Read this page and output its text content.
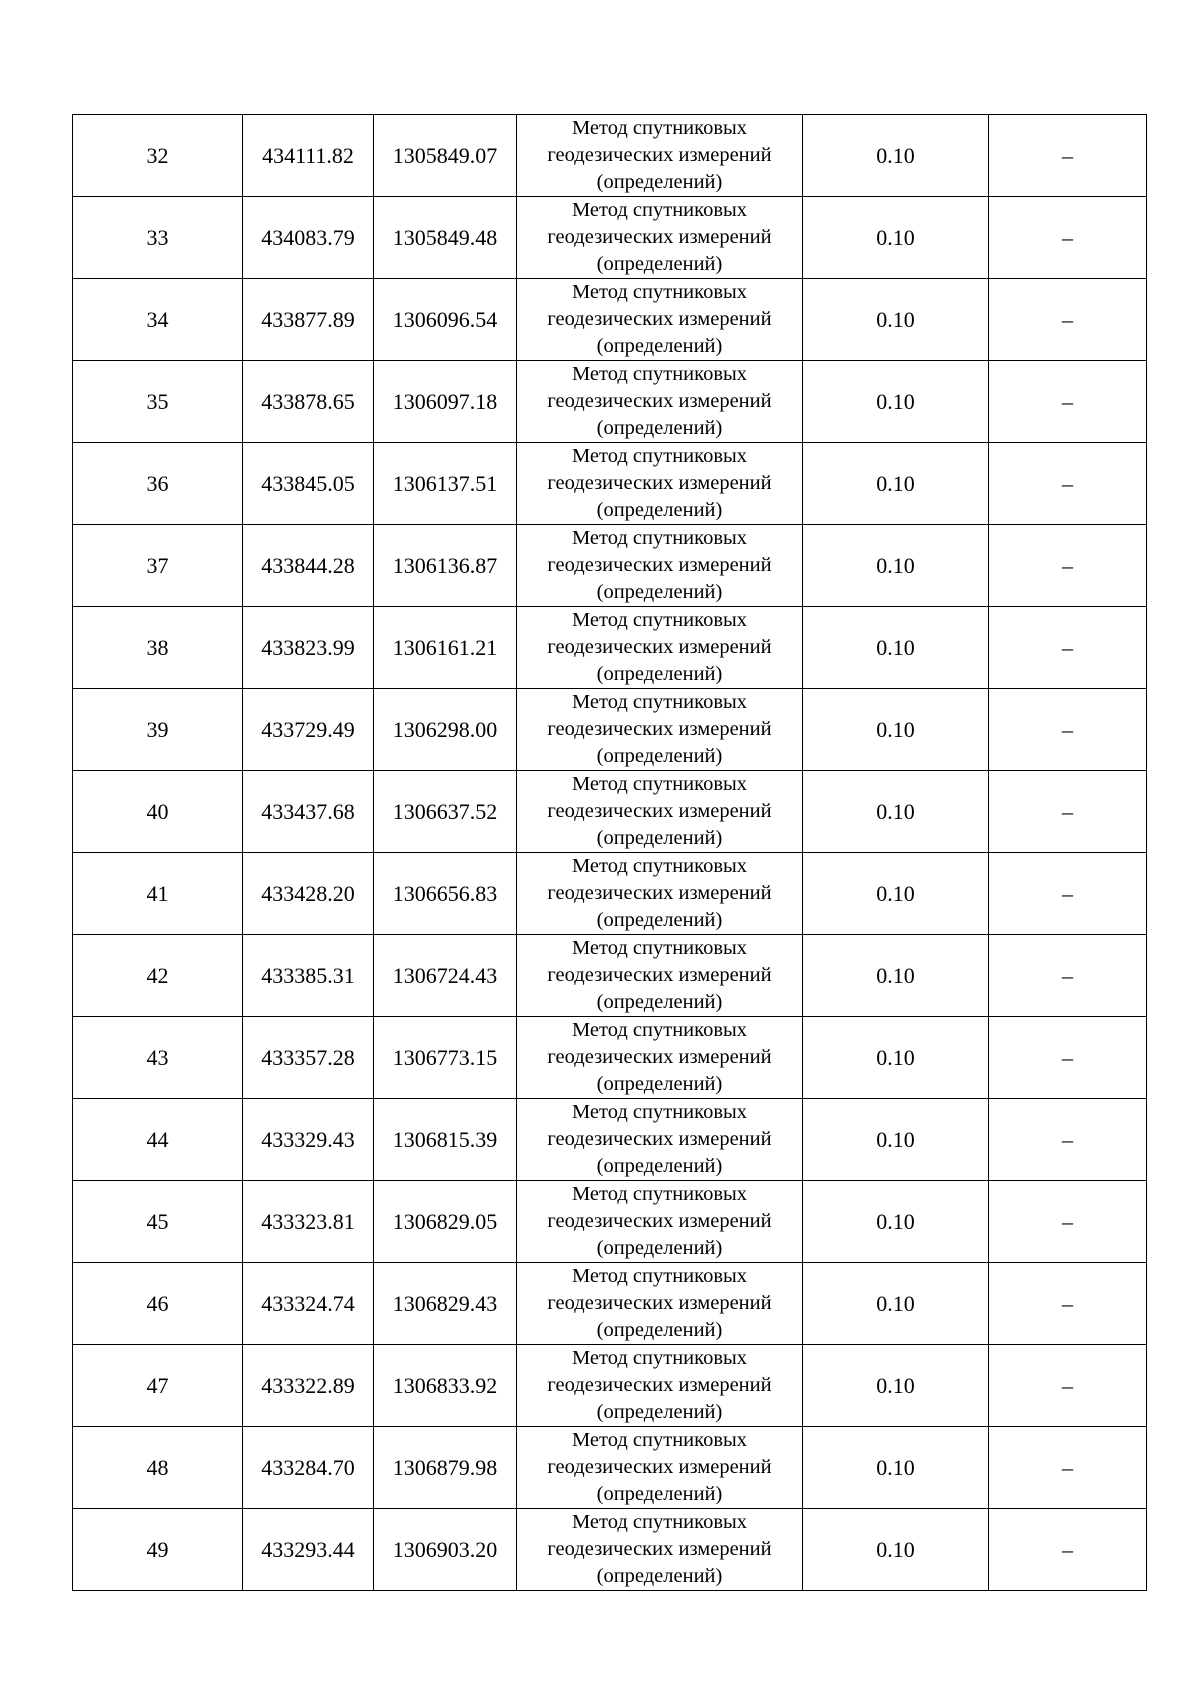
32	434111.82	1305849.07	Метод спутниковых
геодезических измерений
(определений)	0.10	–
33	434083.79	1305849.48	Метод спутниковых
геодезических измерений
(определений)	0.10	–
34	433877.89	1306096.54	Метод спутниковых
геодезических измерений
(определений)	0.10	–
35	433878.65	1306097.18	Метод спутниковых
геодезических измерений
(определений)	0.10	–
36	433845.05	1306137.51	Метод спутниковых
геодезических измерений
(определений)	0.10	–
37	433844.28	1306136.87	Метод спутниковых
геодезических измерений
(определений)	0.10	–
38	433823.99	1306161.21	Метод спутниковых
геодезических измерений
(определений)	0.10	–
39	433729.49	1306298.00	Метод спутниковых
геодезических измерений
(определений)	0.10	–
40	433437.68	1306637.52	Метод спутниковых
геодезических измерений
(определений)	0.10	–
41	433428.20	1306656.83	Метод спутниковых
геодезических измерений
(определений)	0.10	–
42	433385.31	1306724.43	Метод спутниковых
геодезических измерений
(определений)	0.10	–
43	433357.28	1306773.15	Метод спутниковых
геодезических измерений
(определений)	0.10	–
44	433329.43	1306815.39	Метод спутниковых
геодезических измерений
(определений)	0.10	–
45	433323.81	1306829.05	Метод спутниковых
геодезических измерений
(определений)	0.10	–
46	433324.74	1306829.43	Метод спутниковых
геодезических измерений
(определений)	0.10	–
47	433322.89	1306833.92	Метод спутниковых
геодезических измерений
(определений)	0.10	–
48	433284.70	1306879.98	Метод спутниковых
геодезических измерений
(определений)	0.10	–
49	433293.44	1306903.20	Метод спутниковых
геодезических измерений
(определений)	0.10	–
